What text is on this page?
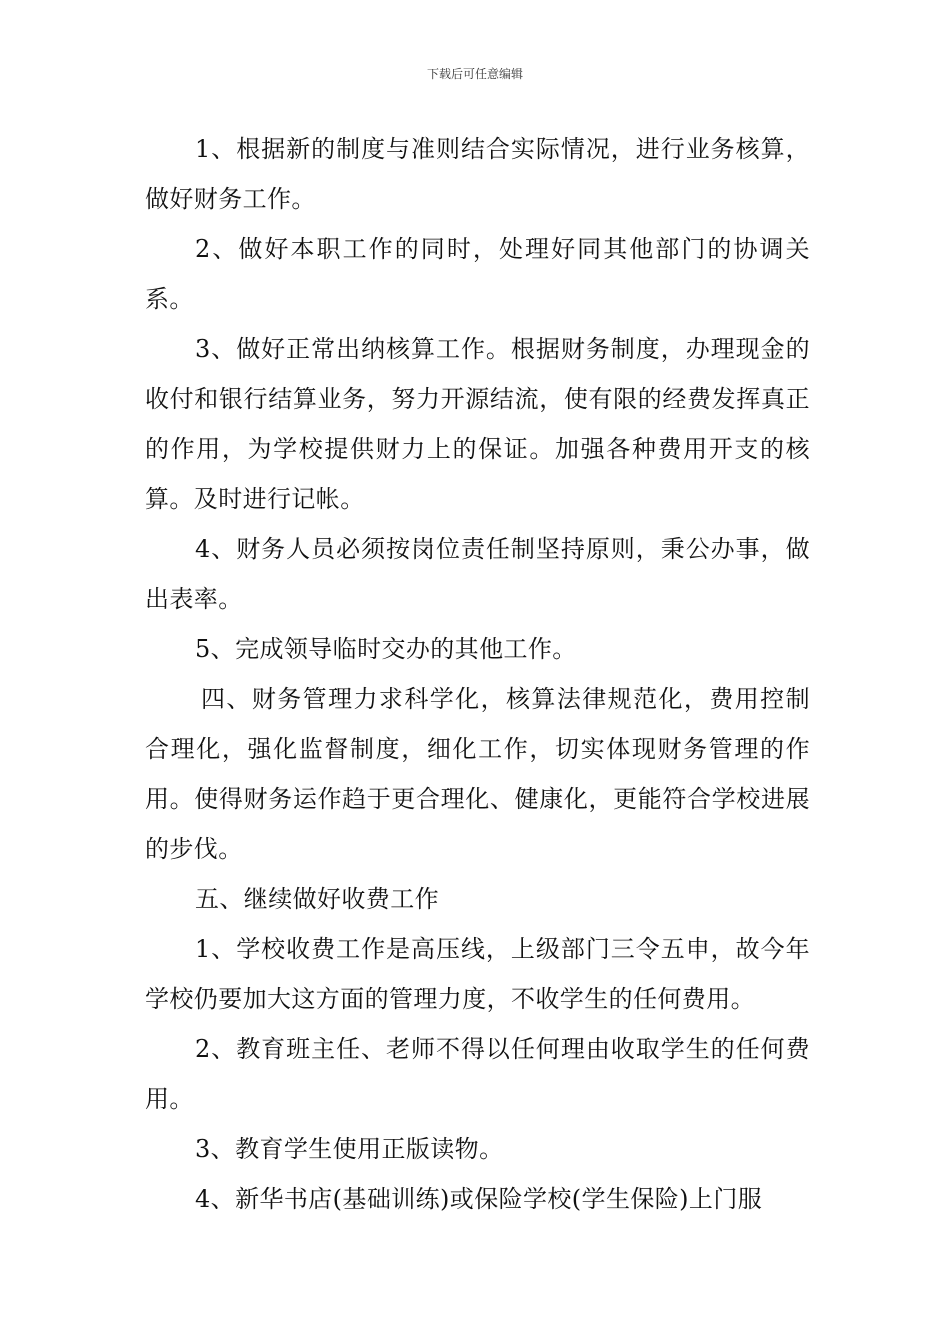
下载后可任意编辑

1、根据新的制度与准则结合实际情况，进行业务核算，做好财务工作。

2、做好本职工作的同时，处理好同其他部门的协调关系。

3、做好正常出纳核算工作。根据财务制度，办理现金的收付和银行结算业务，努力开源结流，使有限的经费发挥真正的作用，为学校提供财力上的保证。加强各种费用开支的核算。及时进行记帐。

4、财务人员必须按岗位责任制坚持原则，秉公办事，做出表率。

5、完成领导临时交办的其他工作。

四、财务管理力求科学化，核算法律规范化，费用控制合理化，强化监督制度，细化工作，切实体现财务管理的作用。使得财务运作趋于更合理化、健康化，更能符合学校进展的步伐。

五、继续做好收费工作

1、学校收费工作是高压线，上级部门三令五申，故今年学校仍要加大这方面的管理力度，不收学生的任何费用。

2、教育班主任、老师不得以任何理由收取学生的任何费用。

3、教育学生使用正版读物。

4、新华书店(基础训练)或保险学校(学生保险)上门服
